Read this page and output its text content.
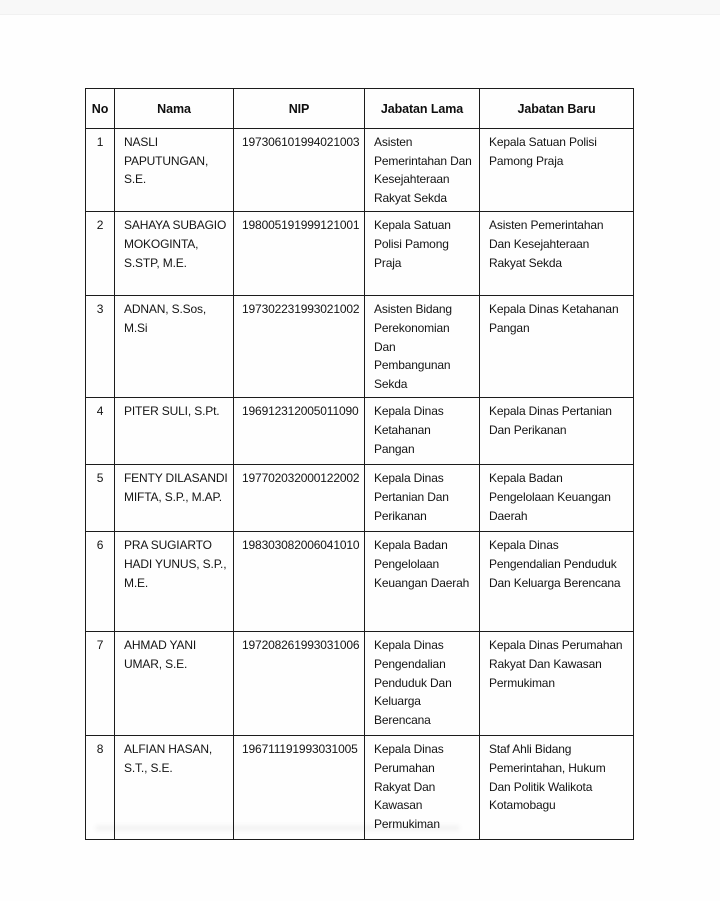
No	Nama	NIP	Jabatan Lama	Jabatan Baru
1	NASLI PAPUTUNGAN, S.E.	197306101994021003	Asisten Pemerintahan Dan Kesejahteraan Rakyat Sekda	Kepala Satuan Polisi Pamong Praja
2	SAHAYA SUBAGIO MOKOGINTA, S.STP, M.E.	198005191999121001	Kepala Satuan Polisi Pamong Praja	Asisten Pemerintahan Dan Kesejahteraan Rakyat Sekda
3	ADNAN, S.Sos, M.Si	197302231993021002	Asisten Bidang Perekonomian Dan Pembangunan Sekda	Kepala Dinas Ketahanan Pangan
4	PITER SULI, S.Pt.	196912312005011090	Kepala Dinas Ketahanan Pangan	Kepala Dinas Pertanian Dan Perikanan
5	FENTY DILASANDI MIFTA, S.P., M.AP.	197702032000122002	Kepala Dinas Pertanian Dan Perikanan	Kepala Badan Pengelolaan Keuangan Daerah
6	PRA SUGIARTO HADI YUNUS, S.P., M.E.	198303082006041010	Kepala Badan Pengelolaan Keuangan Daerah	Kepala Dinas Pengendalian Penduduk Dan Keluarga Berencana
7	AHMAD YANI UMAR, S.E.	197208261993031006	Kepala Dinas Pengendalian Penduduk Dan Keluarga Berencana	Kepala Dinas Perumahan Rakyat Dan Kawasan Permukiman
8	ALFIAN HASAN, S.T., S.E.	196711191993031005	Kepala Dinas Perumahan Rakyat Dan Kawasan Permukiman	Staf Ahli Bidang Pemerintahan, Hukum Dan Politik Walikota Kotamobagu
